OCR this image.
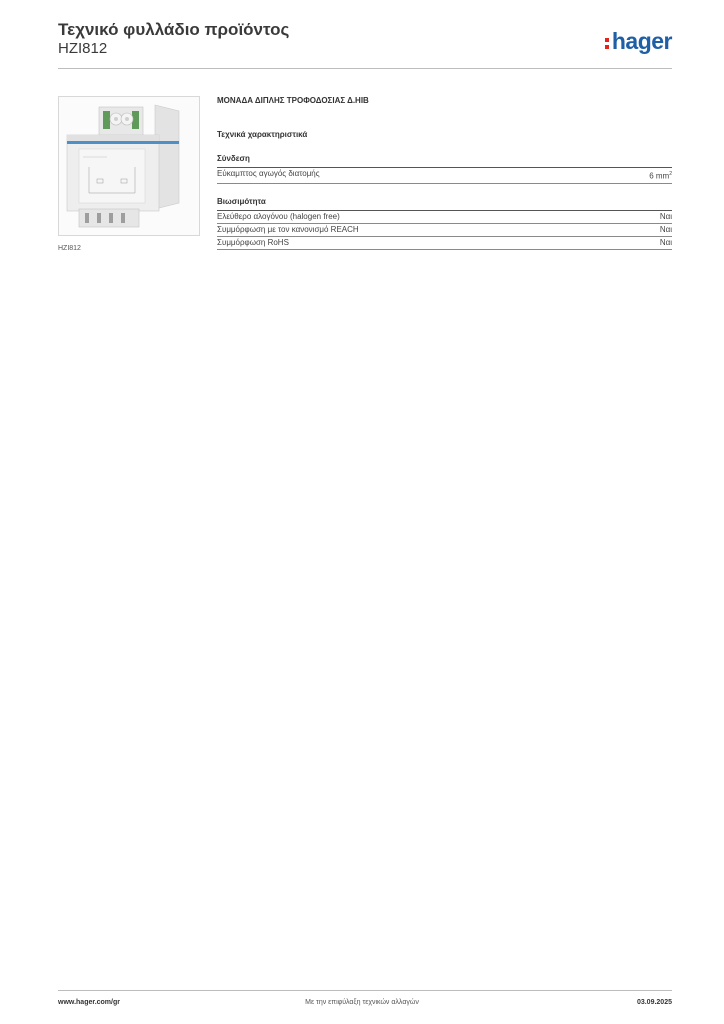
Τεχνικό φυλλάδιο προϊόντος
HZI812	hager
HZI812
ΜΟΝΑΔΑ ΔΙΠΛΗΣ ΤΡΟΦΟΔΟΣΙΑΣ Δ.HIB
Τεχνικά χαρακτηριστικά
Σύνδεση
Εύκαμπτος αγωγός διατομής	6 $mm^2$
Βιωσιμότητα
Ελεύθερο αλογόνου (halogen free)	Ναι
Συμμόρφωση με τον κανονισμό REACH	Ναι
Συμμόρφωση RoHS	Ναι
www.hager.com/gr	Με την επιφύλαξη τεχνικών αλλαγών	03.09.2025
